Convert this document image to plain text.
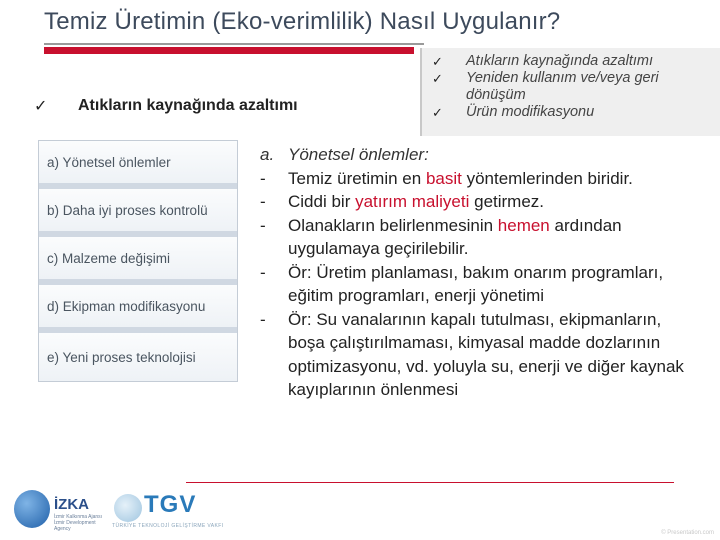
Temiz Üretimin (Eko-verimlilik) Nasıl Uygulanır?
✓	Atıkların kaynağında azaltımı
✓	Yeniden kullanım ve/veya geri dönüşüm
✓	Ürün modifikasyonu
✓	Atıkların kaynağında azaltımı
a) Yönetsel önlemler
b) Daha iyi proses kontrolü
c) Malzeme değişimi
d) Ekipman modifikasyonu
e) Yeni proses teknolojisi
a. Yönetsel önlemler:
-	Temiz üretimin en basit yöntemlerinden biridir.
-	Ciddi bir yatırım maliyeti getirmez.
-	Olanakların belirlenmesinin hemen ardından uygulamaya geçirilebilir.
-	Ör: Üretim planlaması, bakım onarım programları, eğitim programları, enerji yönetimi
-	Ör: Su vanalarının kapalı tutulması, ekipmanların, boşa çalıştırılmaması, kimyasal madde dozlarının optimizasyonu, vd. yoluyla su, enerji ve diğer kaynak kayıplarının önlenmesi
İZKA
İzmir Kalkınma Ajansı İzmir Development Agency
TGV
TÜRKİYE TEKNOLOJİ GELİŞTİRME VAKFI
© Presentation.com
